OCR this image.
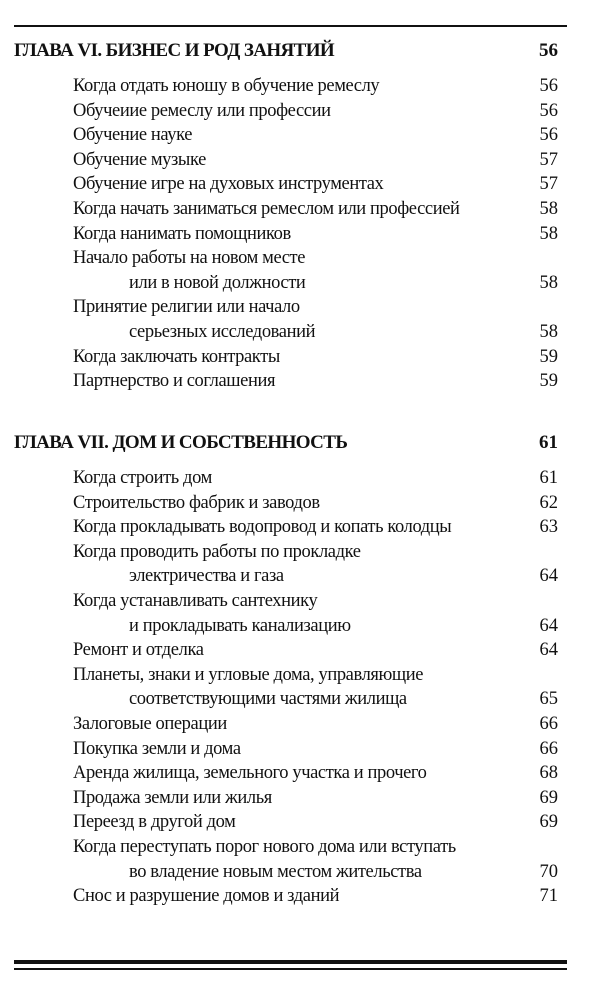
ГЛАВА VI. БИЗНЕС И РОД ЗАНЯТИЙ	56
Когда отдать юношу в обучение ремеслу	56
Обучеиие ремеслу или профессии	56
Обучение науке	56
Обучение музыке	57
Обучение игре на духовых инструментах	57
Когда начать заниматься ремеслом или профессией	58
Когда нанимать помощников	58
Начало работы на новом месте
или в новой должности	58
Принятие религии или начало
серьезных исследований	58
Когда заключать контракты	59
Партнерство и соглашения	59
ГЛАВА VII. ДОМ И СОБСТВЕННОСТЬ	61
Когда строить дом	61
Строительство фабрик и заводов	62
Когда прокладывать водопровод и копать колодцы	63
Когда проводить работы по прокладке
электричества и газа	64
Когда устанавливать сантехнику
и прокладывать канализацию	64
Ремонт и отделка	64
Планеты, знаки и угловые дома, управляющие
соответствующими частями жилища	65
Залоговые операции	66
Покупка земли и дома	66
Аренда жилища, земельного участка и прочего	68
Продажа земли или жилья	69
Переезд в другой дом	69
Когда переступать порог нового дома или вступать
во владение новым местом жительства	70
Снос и разрушение домов и зданий	71
